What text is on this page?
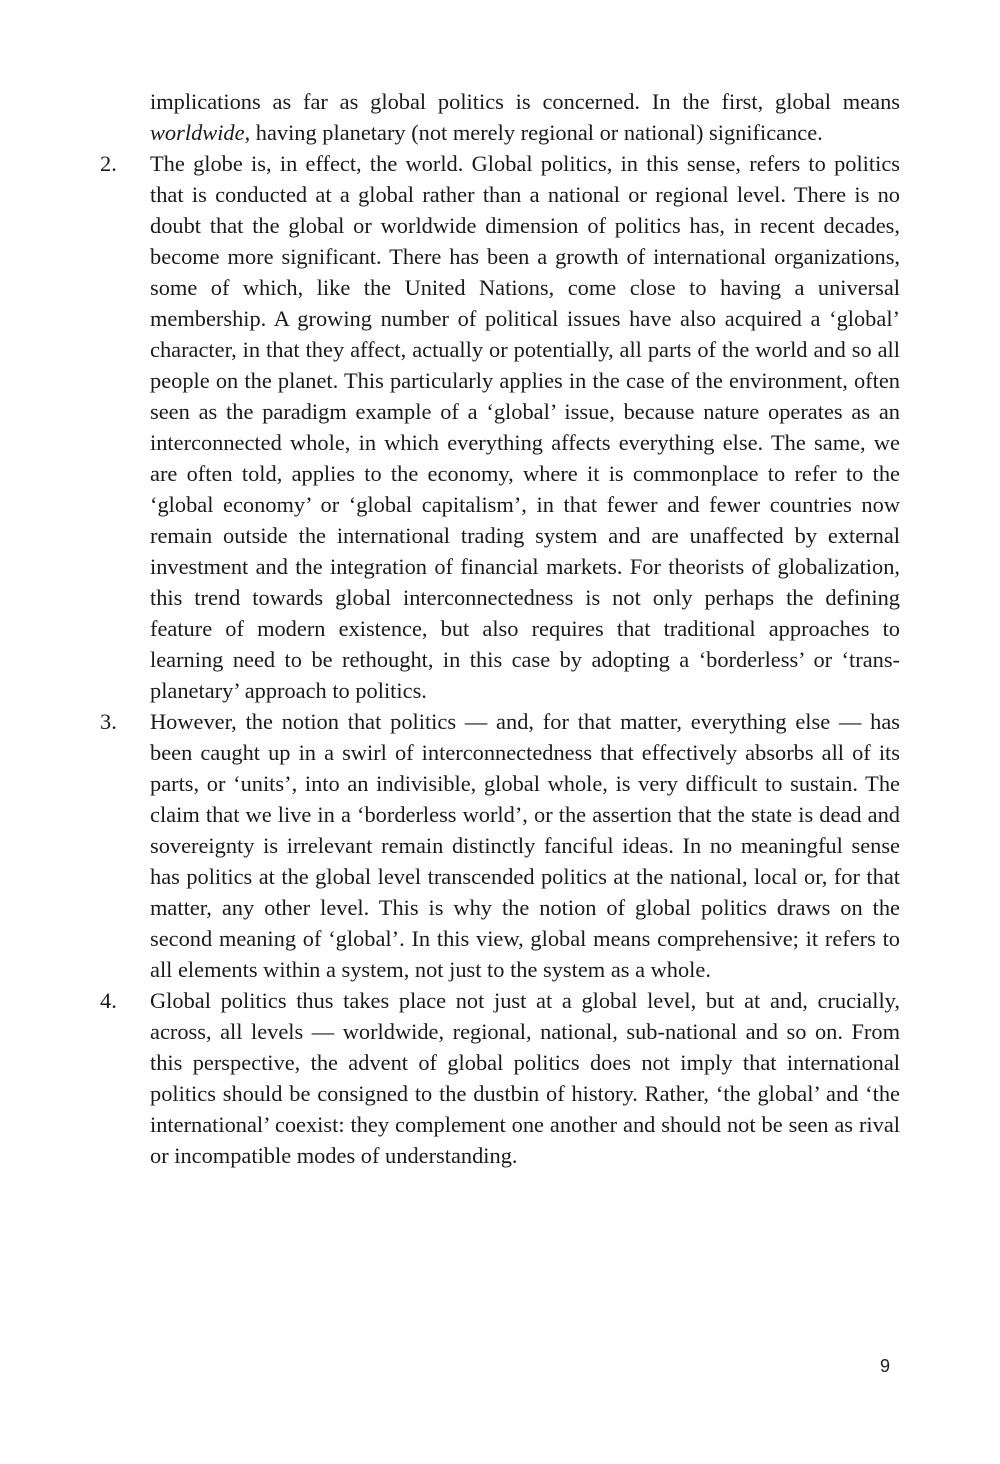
implications as far as global politics is concerned. In the first, global means worldwide, having planetary (not merely regional or national) significance.

2.	The globe is, in effect, the world. Global politics, in this sense, refers to politics that is conducted at a global rather than a national or regional level. There is no doubt that the global or worldwide dimension of politics has, in recent decades, become more significant. There has been a growth of international organizations, some of which, like the United Nations, come close to having a universal membership. A growing number of political issues have also acquired a ‘global’ character, in that they affect, actually or potentially, all parts of the world and so all people on the planet. This particularly applies in the case of the environment, often seen as the paradigm example of a ‘global’ issue, because nature operates as an interconnected whole, in which everything affects everything else. The same, we are often told, applies to the economy, where it is commonplace to refer to the ‘global economy’ or ‘global capitalism’, in that fewer and fewer countries now remain outside the international trading system and are unaffected by external investment and the integration of financial markets. For theorists of globalization, this trend towards global interconnectedness is not only perhaps the defining feature of modern existence, but also requires that traditional approaches to learning need to be rethought, in this case by adopting a ‘borderless’ or ‘trans-planetary’ approach to politics.

3.	However, the notion that politics — and, for that matter, everything else — has been caught up in a swirl of interconnectedness that effectively absorbs all of its parts, or ‘units’, into an indivisible, global whole, is very difficult to sustain. The claim that we live in a ‘borderless world’, or the assertion that the state is dead and sovereignty is irrelevant remain distinctly fanciful ideas. In no meaningful sense has politics at the global level transcended politics at the national, local or, for that matter, any other level. This is why the notion of global politics draws on the second meaning of ‘global’. In this view, global means comprehensive; it refers to all elements within a system, not just to the system as a whole.

4.	Global politics thus takes place not just at a global level, but at and, crucially, across, all levels — worldwide, regional, national, sub-national and so on. From this perspective, the advent of global politics does not imply that international politics should be consigned to the dustbin of history. Rather, ‘the global’ and ‘the international’ coexist: they complement one another and should not be seen as rival or incompatible modes of understanding.

9
